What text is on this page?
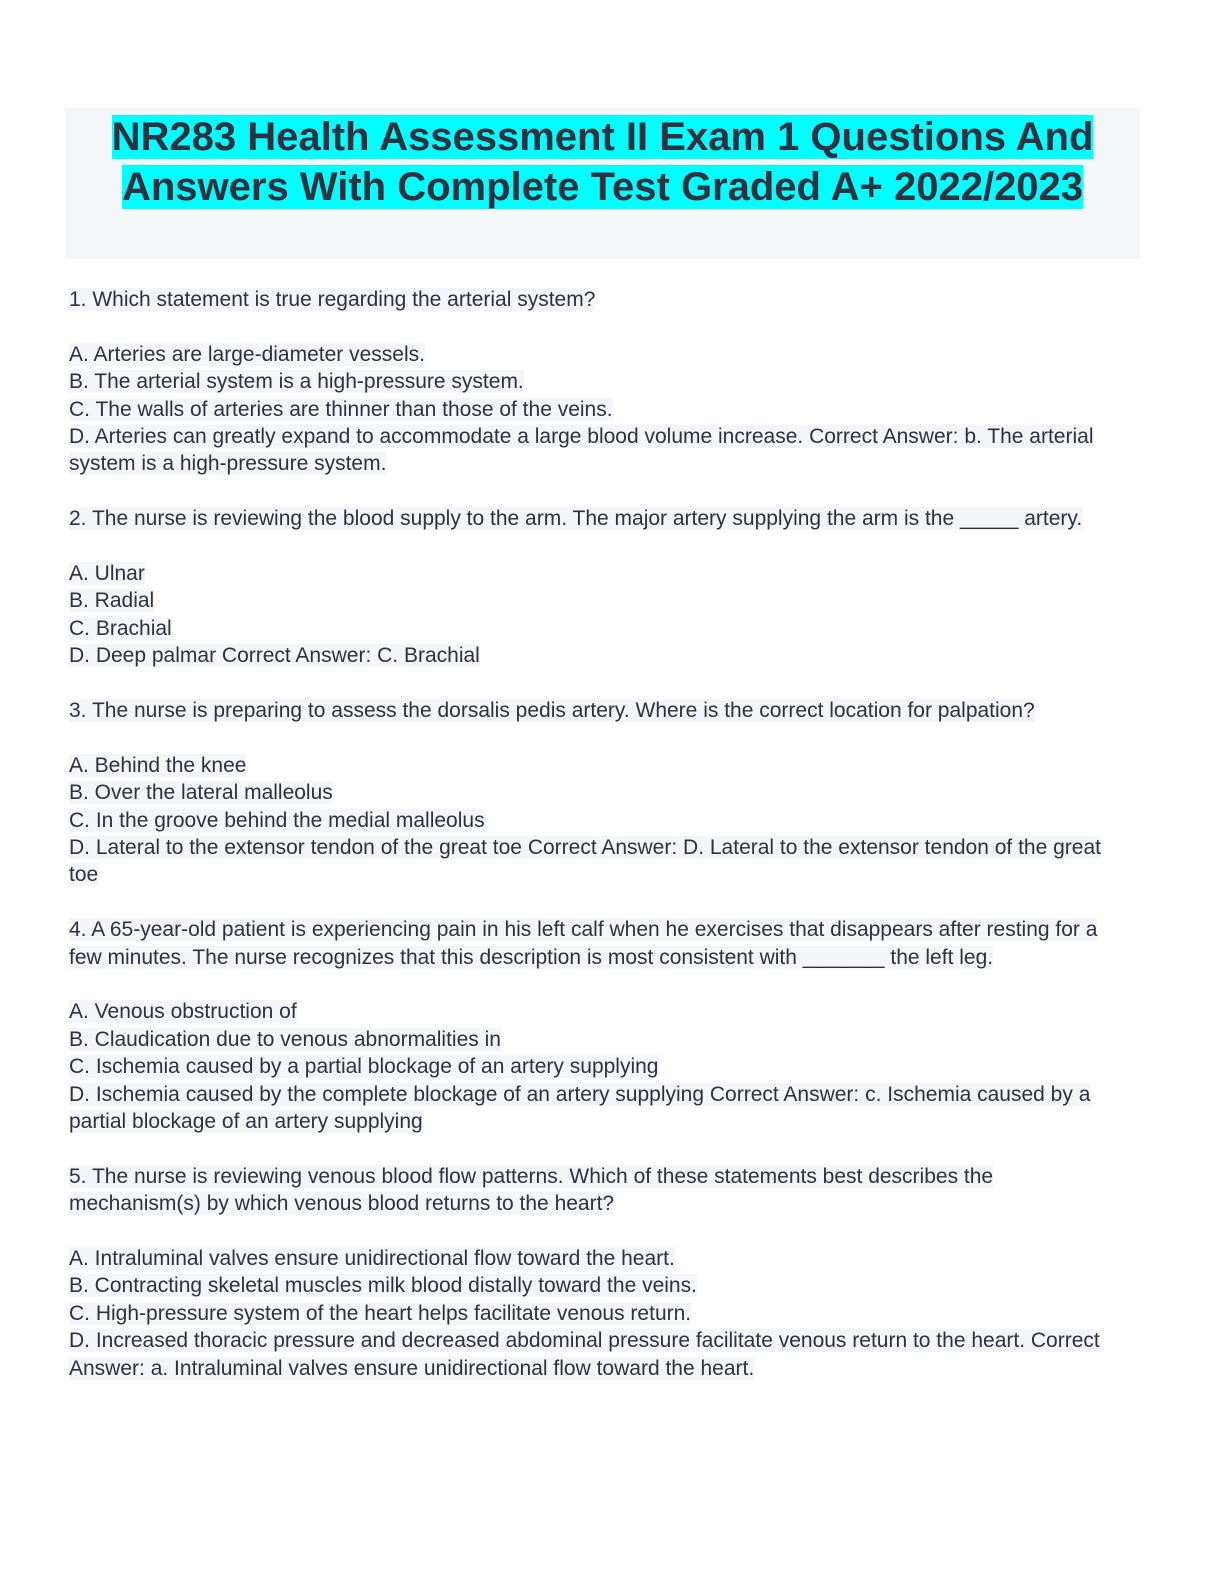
NR283 Health Assessment II Exam 1 Questions And Answers With Complete Test Graded A+ 2022/2023

1. Which statement is true regarding the arterial system?

A. Arteries are large-diameter vessels.

B. The arterial system is a high-pressure system.

C. The walls of arteries are thinner than those of the veins.

D. Arteries can greatly expand to accommodate a large blood volume increase. Correct Answer: b. The arterial system is a high-pressure system.

2. The nurse is reviewing the blood supply to the arm. The major artery supplying the arm is the _____ artery.

A. Ulnar

B. Radial

C. Brachial

D. Deep palmar Correct Answer: C. Brachial

3. The nurse is preparing to assess the dorsalis pedis artery. Where is the correct location for palpation?

A. Behind the knee

B. Over the lateral malleolus

C. In the groove behind the medial malleolus

D. Lateral to the extensor tendon of the great toe Correct Answer: D. Lateral to the extensor tendon of the great toe

4. A 65-year-old patient is experiencing pain in his left calf when he exercises that disappears after resting for a few minutes. The nurse recognizes that this description is most consistent with _______ the left leg.

A. Venous obstruction of

B. Claudication due to venous abnormalities in

C. Ischemia caused by a partial blockage of an artery supplying

D. Ischemia caused by the complete blockage of an artery supplying Correct Answer: c. Ischemia caused by a partial blockage of an artery supplying

5. The nurse is reviewing venous blood flow patterns. Which of these statements best describes the mechanism(s) by which venous blood returns to the heart?

A. Intraluminal valves ensure unidirectional flow toward the heart.

B. Contracting skeletal muscles milk blood distally toward the veins.

C. High-pressure system of the heart helps facilitate venous return.

D. Increased thoracic pressure and decreased abdominal pressure facilitate venous return to the heart. Correct Answer: a. Intraluminal valves ensure unidirectional flow toward the heart.
